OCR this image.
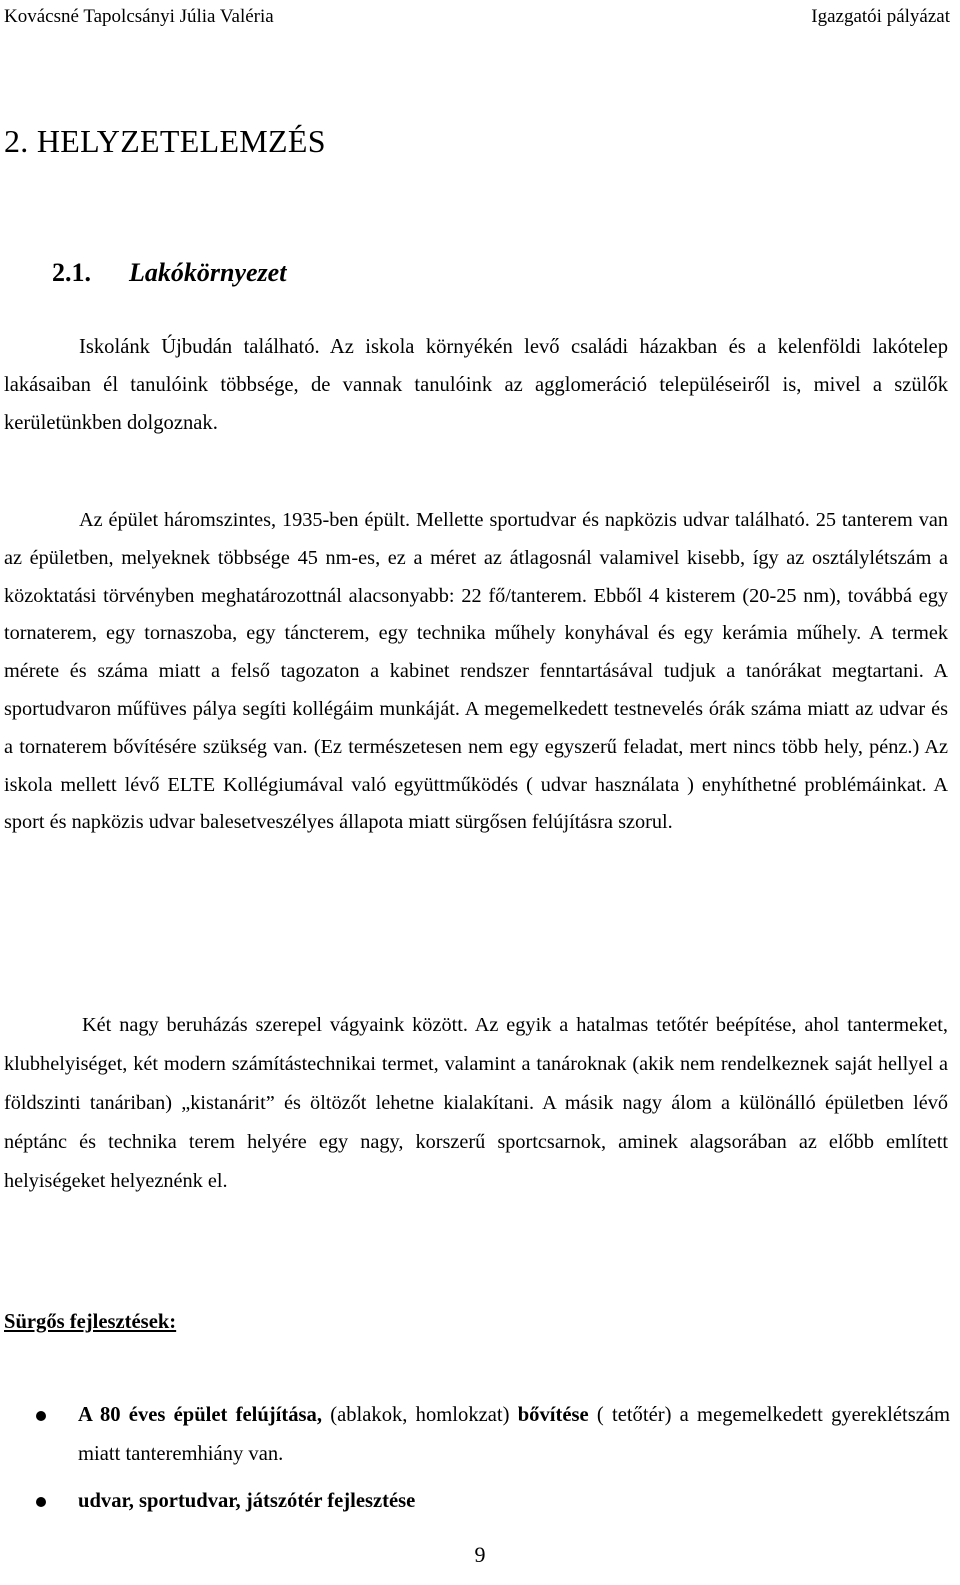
Kovácsné Tapolcsányi Júlia Valéria	Igazgatói pályázat
2. HELYZETELEMZÉS
2.1. Lakókörnyezet

Iskolánk Újbudán található. Az iskola környékén levő családi házakban és a kelenföldi lakótelep lakásaiban él tanulóink többsége, de vannak tanulóink az agglomeráció településeiről is, mivel a szülők kerületünkben dolgoznak.

Az épület háromszintes, 1935-ben épült. Mellette sportudvar és napközis udvar található. 25 tanterem van az épületben, melyeknek többsége 45 nm-es, ez a méret az átlagosnál valamivel kisebb, így az osztálylétszám a közoktatási törvényben meghatározottnál alacsonyabb: 22 fő/tanterem. Ebből 4 kisterem (20-25 nm), továbbá egy tornaterem, egy tornaszoba, egy táncterem, egy technika műhely konyhával és egy kerámia műhely. A termek mérete és száma miatt a felső tagozaton a kabinet rendszer fenntartásával tudjuk a tanórákat megtartani. A sportudvaron műfüves pálya segíti kollégáim munkáját. A megemelkedett testnevelés órák száma miatt az udvar és a tornaterem bővítésére szükség van. (Ez természetesen nem egy egyszerű feladat, mert nincs több hely, pénz.) Az iskola mellett lévő ELTE Kollégiumával való együttműködés ( udvar használata ) enyhíthetné problémáinkat. A sport és napközis udvar balesetveszélyes állapota miatt sürgősen felújításra szorul.

Két nagy beruházás szerepel vágyaink között. Az egyik a hatalmas tetőtér beépítése, ahol tantermeket, klubhelyiséget, két modern számítástechnikai termet, valamint a tanároknak (akik nem rendelkeznek saját hellyel a földszinti tanáriban) „kistanárit” és öltözőt lehetne kialakítani. A másik nagy álom a különálló épületben lévő néptánc és technika terem helyére egy nagy, korszerű sportcsarnok, aminek alagsorában az előbb említett helyiségeket helyeznénk el.

Sürgős fejlesztések:

A 80 éves épület felújítása, (ablakok, homlokzat) bővítése ( tetőtér) a megemelkedett gyereklétszám miatt tanteremhiány van.
udvar, sportudvar, játszótér fejlesztése
9
